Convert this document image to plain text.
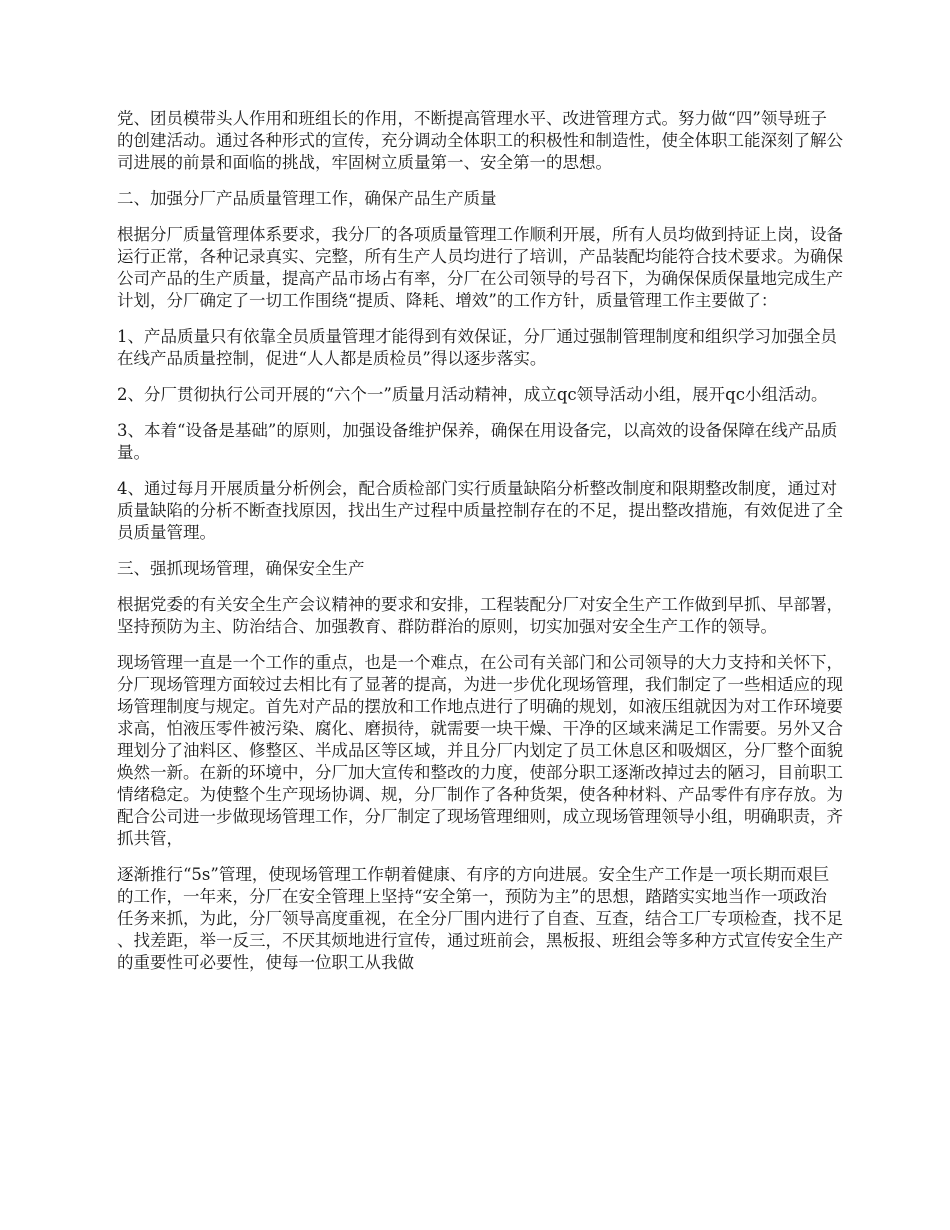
党、团员模带头人作用和班组长的作用，不断提高管理水平、改进管理方式。努力做“四”领导班子的创建活动。通过各种形式的宣传，充分调动全体职工的积极性和制造性，使全体职工能深刻了解公司进展的前景和面临的挑战，牢固树立质量第一、安全第一的思想。

二、加强分厂产品质量管理工作，确保产品生产质量

根据分厂质量管理体系要求，我分厂的各项质量管理工作顺利开展，所有人员均做到持证上岗，设备运行正常，各种记录真实、完整，所有生产人员均进行了培训，产品装配均能符合技术要求。为确保公司产品的生产质量，提高产品市场占有率，分厂在公司领导的号召下，为确保保质保量地完成生产计划，分厂确定了一切工作围绕“提质、降耗、增效”的工作方针，质量管理工作主要做了：

1、产品质量只有依靠全员质量管理才能得到有效保证，分厂通过强制管理制度和组织学习加强全员在线产品质量控制，促进“人人都是质检员”得以逐步落实。

2、分厂贯彻执行公司开展的“六个一”质量月活动精神，成立qc领导活动小组，展开qc小组活动。

3、本着“设备是基础”的原则，加强设备维护保养，确保在用设备完，以高效的设备保障在线产品质量。

4、通过每月开展质量分析例会，配合质检部门实行质量缺陷分析整改制度和限期整改制度，通过对质量缺陷的分析不断查找原因，找出生产过程中质量控制存在的不足，提出整改措施，有效促进了全员质量管理。

三、强抓现场管理，确保安全生产

根据党委的有关安全生产会议精神的要求和安排，工程装配分厂对安全生产工作做到早抓、早部署，坚持预防为主、防治结合、加强教育、群防群治的原则，切实加强对安全生产工作的领导。

现场管理一直是一个工作的重点，也是一个难点，在公司有关部门和公司领导的大力支持和关怀下，分厂现场管理方面较过去相比有了显著的提高，为进一步优化现场管理，我们制定了一些相适应的现场管理制度与规定。首先对产品的摆放和工作地点进行了明确的规划，如液压组就因为对工作环境要求高，怕液压零件被污染、腐化、磨损待，就需要一块干燥、干净的区域来满足工作需要。另外又合理划分了油料区、修整区、半成品区等区域，并且分厂内划定了员工休息区和吸烟区，分厂整个面貌焕然一新。在新的环境中，分厂加大宣传和整改的力度，使部分职工逐渐改掉过去的陋习，目前职工情绪稳定。为使整个生产现场协调、规，分厂制作了各种货架，使各种材料、产品零件有序存放。为配合公司进一步做现场管理工作，分厂制定了现场管理细则，成立现场管理领导小组，明确职责，齐抓共管，

逐渐推行“5s”管理，使现场管理工作朝着健康、有序的方向进展。安全生产工作是一项长期而艰巨的工作，一年来，分厂在安全管理上坚持“安全第一，预防为主”的思想，踏踏实实地当作一项政治任务来抓，为此，分厂领导高度重视，在全分厂围内进行了自查、互查，结合工厂专项检查，找不足、找差距，举一反三，不厌其烦地进行宣传，通过班前会，黑板报、班组会等多种方式宣传安全生产的重要性可必要性，使每一位职工从我做
